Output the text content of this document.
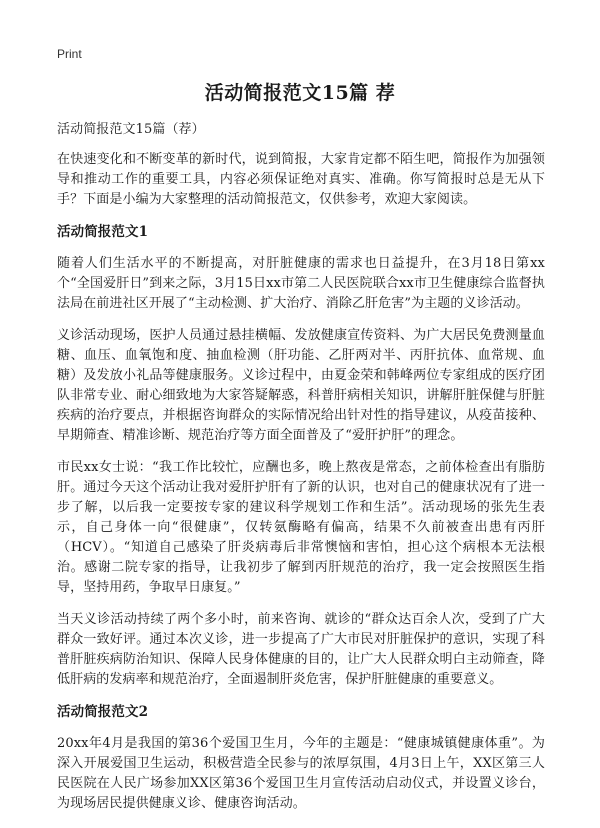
Print
活动简报范文15篇 荐

活动简报范文15篇（荐）

在快速变化和不断变革的新时代，说到简报，大家肯定都不陌生吧，简报作为加强领导和推动工作的重要工具，内容必须保证绝对真实、准确。你写简报时总是无从下手？下面是小编为大家整理的活动简报范文，仅供参考，欢迎大家阅读。

活动简报范文1

随着人们生活水平的不断提高，对肝脏健康的需求也日益提升，在3月18日第xx个“全国爱肝日”到来之际，3月15日xx市第二人民医院联合xx市卫生健康综合监督执法局在前进社区开展了“主动检测、扩大治疗、消除乙肝危害”为主题的义诊活动。

义诊活动现场，医护人员通过悬挂横幅、发放健康宣传资料、为广大居民免费测量血糖、血压、血氧饱和度、抽血检测（肝功能、乙肝两对半、丙肝抗体、血常规、血糖）及发放小礼品等健康服务。义诊过程中，由夏金荣和韩峰两位专家组成的医疗团队非常专业、耐心细致地为大家答疑解惑，科普肝病相关知识，讲解肝脏保健与肝脏疾病的治疗要点，并根据咨询群众的实际情况给出针对性的指导建议，从疫苗接种、早期筛查、精准诊断、规范治疗等方面全面普及了“爱肝护肝”的理念。

市民xx女士说：“我工作比较忙，应酬也多，晚上熬夜是常态，之前体检查出有脂肪肝。通过今天这个活动让我对爱肝护肝有了新的认识，也对自己的健康状况有了进一步了解，以后我一定要按专家的建议科学规划工作和生活”。活动现场的张先生表示，自己身体一向“很健康”，仅转氨酶略有偏高，结果不久前被查出患有丙肝（HCV）。“知道自己感染了肝炎病毒后非常懊恼和害怕，担心这个病根本无法根治。感谢二院专家的指导，让我初步了解到丙肝规范的治疗，我一定会按照医生指导，坚持用药，争取早日康复。”

当天义诊活动持续了两个多小时，前来咨询、就诊的“群众达百余人次，受到了广大群众一致好评。通过本次义诊，进一步提高了广大市民对肝脏保护的意识，实现了科普肝脏疾病防治知识、保障人民身体健康的目的，让广大人民群众明白主动筛查，降低肝病的发病率和规范治疗，全面遏制肝炎危害，保护肝脏健康的重要意义。

活动简报范文2

20xx年4月是我国的第36个爱国卫生月，今年的主题是：“健康城镇健康体重”。为深入开展爱国卫生运动，积极营造全民参与的浓厚氛围，4月3日上午，XX区第三人民医院在人民广场参加XX区第36个爱国卫生月宣传活动启动仪式，并设置义诊台，为现场居民提供健康义诊、健康咨询活动。
